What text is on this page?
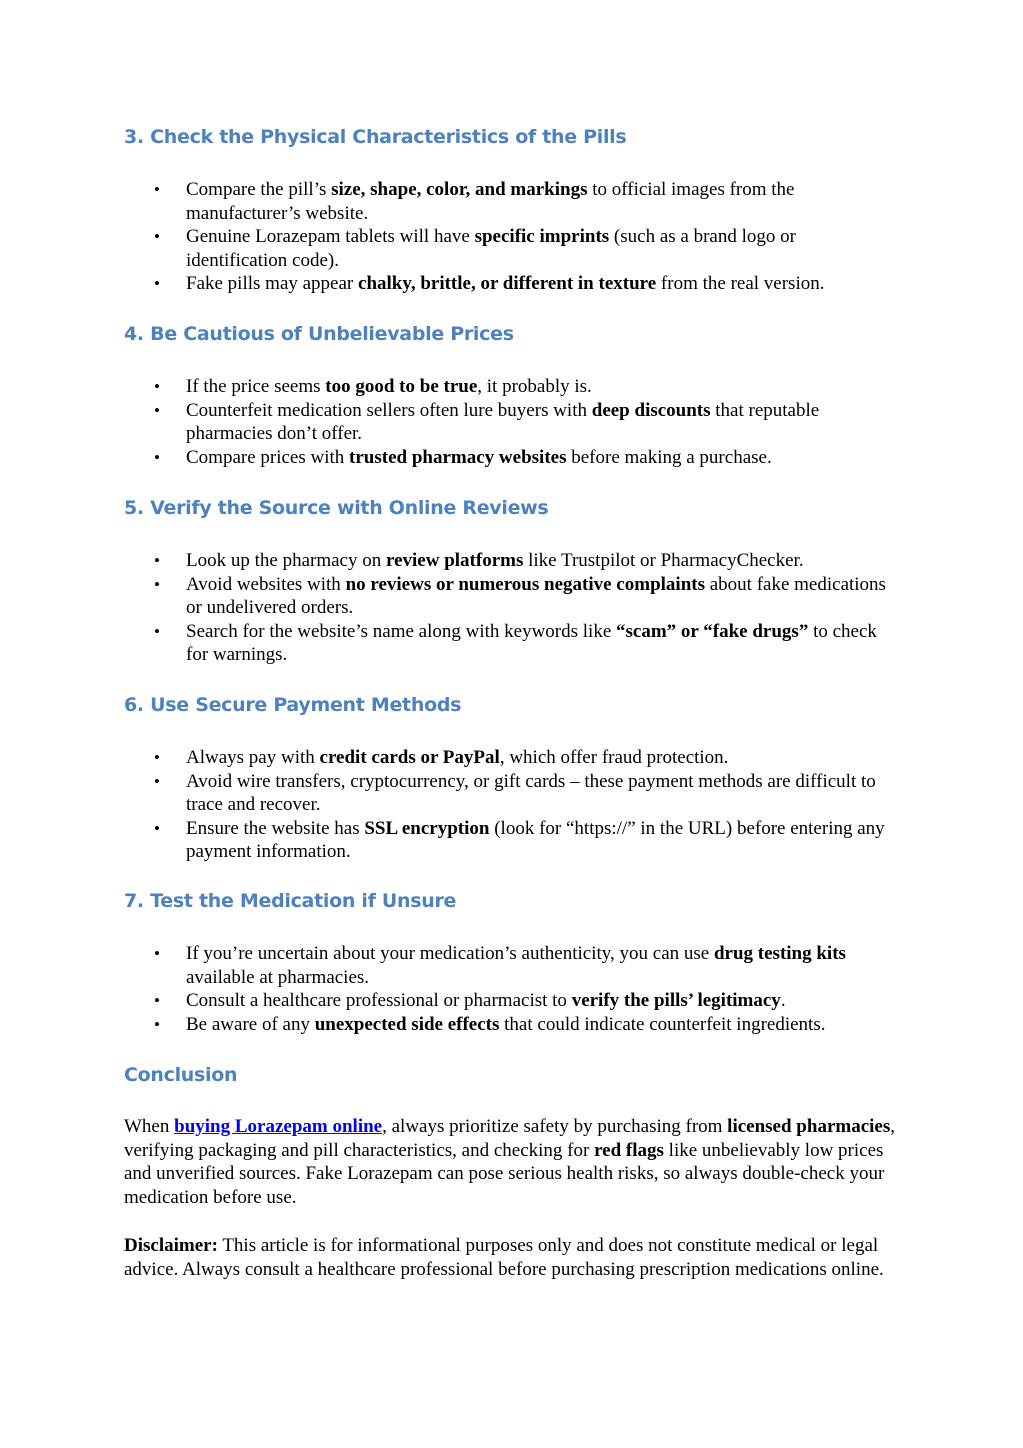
3. Check the Physical Characteristics of the Pills
• Compare the pill’s size, shape, color, and markings to official images from the manufacturer’s website.
• Genuine Lorazepam tablets will have specific imprints (such as a brand logo or identification code).
• Fake pills may appear chalky, brittle, or different in texture from the real version.
4. Be Cautious of Unbelievable Prices
• If the price seems too good to be true, it probably is.
• Counterfeit medication sellers often lure buyers with deep discounts that reputable pharmacies don’t offer.
• Compare prices with trusted pharmacy websites before making a purchase.
5. Verify the Source with Online Reviews
• Look up the pharmacy on review platforms like Trustpilot or PharmacyChecker.
• Avoid websites with no reviews or numerous negative complaints about fake medications or undelivered orders.
• Search for the website’s name along with keywords like “scam” or “fake drugs” to check for warnings.
6. Use Secure Payment Methods
• Always pay with credit cards or PayPal, which offer fraud protection.
• Avoid wire transfers, cryptocurrency, or gift cards – these payment methods are difficult to trace and recover.
• Ensure the website has SSL encryption (look for “https://” in the URL) before entering any payment information.
7. Test the Medication if Unsure
• If you’re uncertain about your medication’s authenticity, you can use drug testing kits available at pharmacies.
• Consult a healthcare professional or pharmacist to verify the pills’ legitimacy.
• Be aware of any unexpected side effects that could indicate counterfeit ingredients.
Conclusion

When buying Lorazepam online, always prioritize safety by purchasing from licensed pharmacies, verifying packaging and pill characteristics, and checking for red flags like unbelievably low prices and unverified sources. Fake Lorazepam can pose serious health risks, so always double-check your medication before use.

Disclaimer: This article is for informational purposes only and does not constitute medical or legal advice. Always consult a healthcare professional before purchasing prescription medications online.
